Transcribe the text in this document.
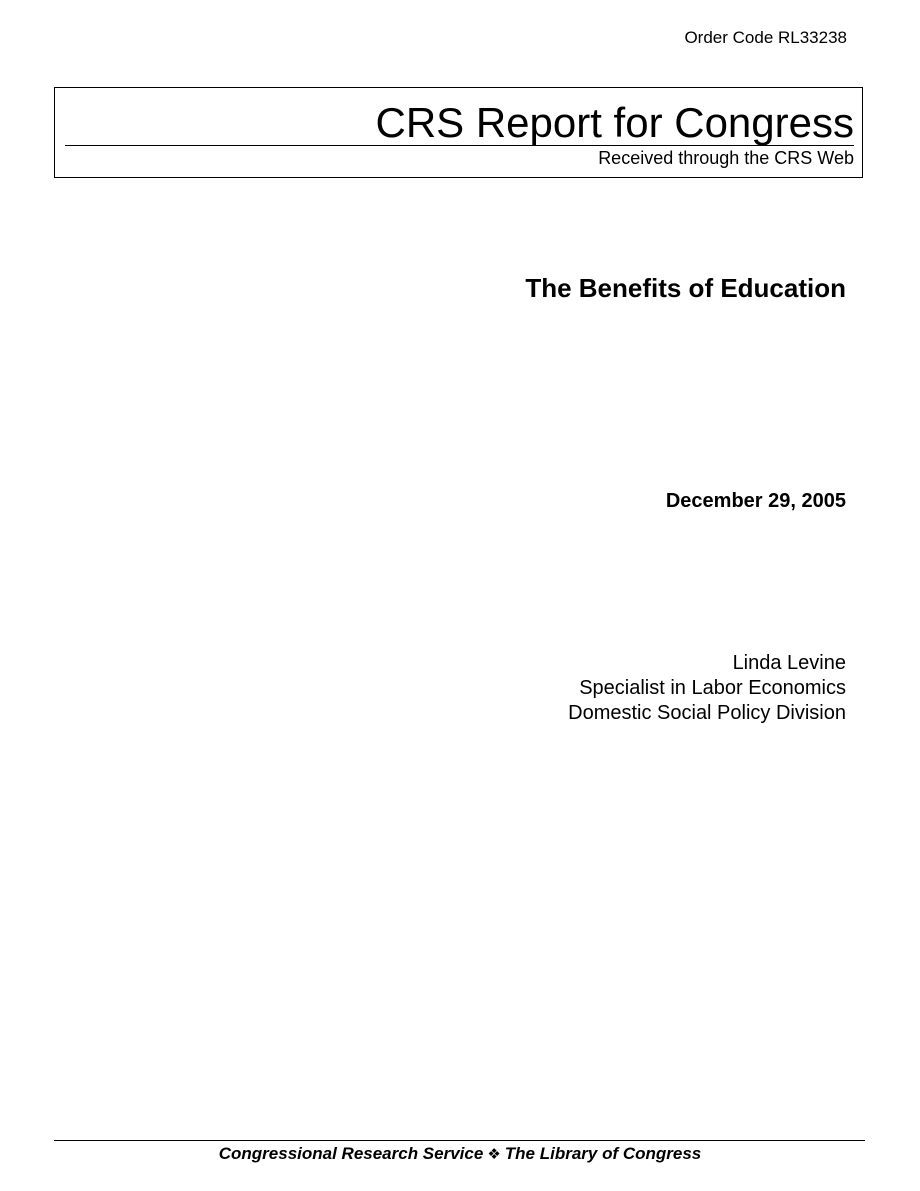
Order Code RL33238
CRS Report for Congress
Received through the CRS Web
The Benefits of Education
December 29, 2005
Linda Levine
Specialist in Labor Economics
Domestic Social Policy Division
Congressional Research Service ❖ The Library of Congress
